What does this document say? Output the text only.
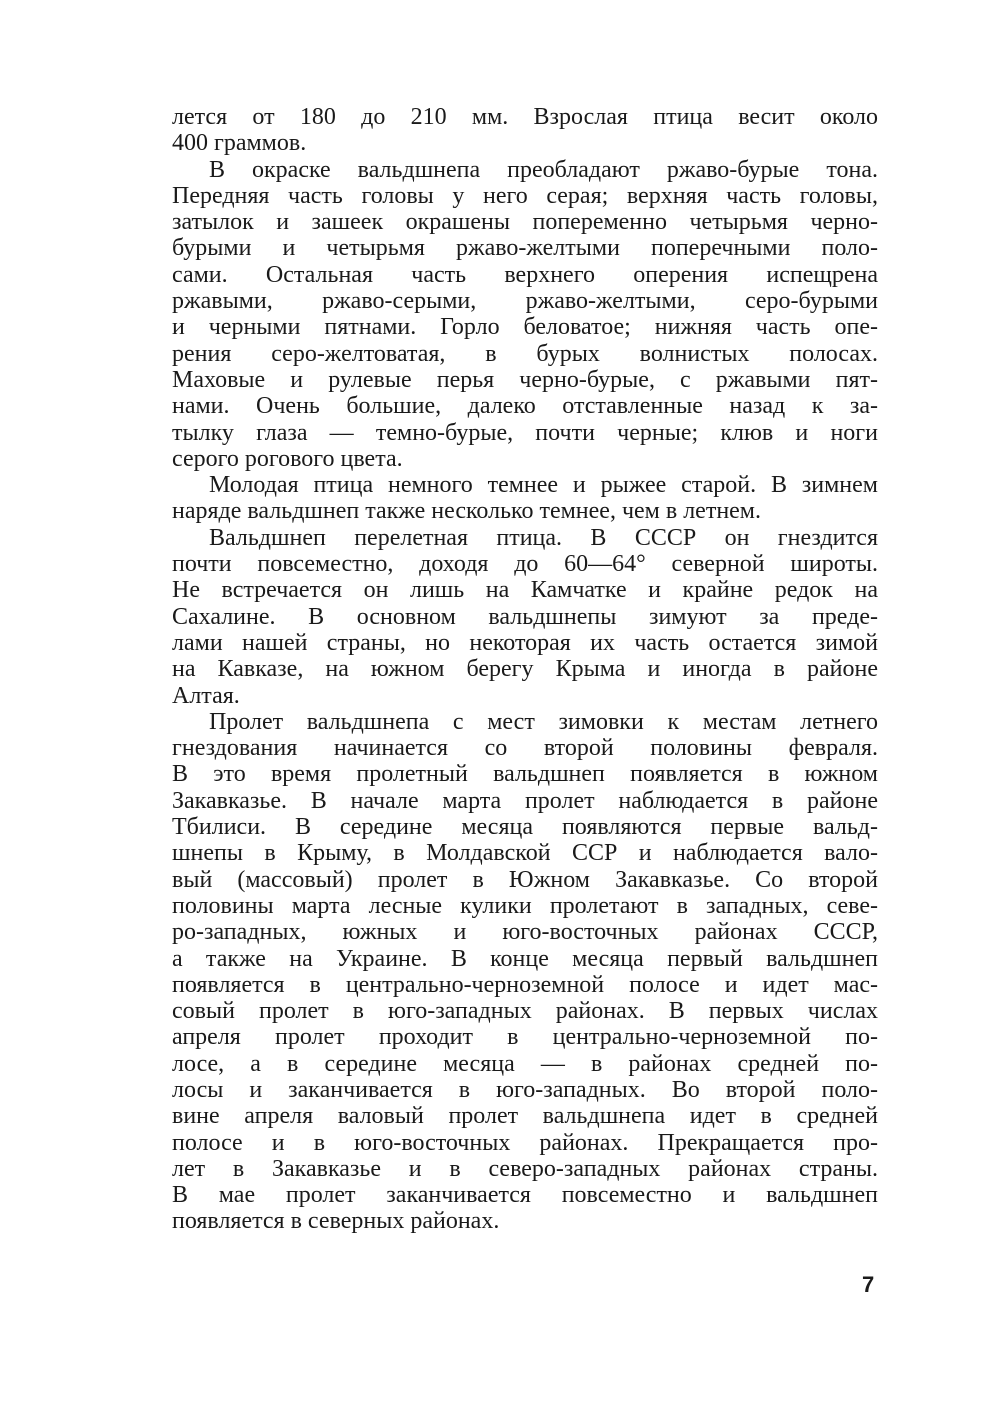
лется от 180 до 210 мм. Взрослая птица весит около
400 граммов.
В окраске вальдшнепа преобладают ржаво-бурые тона.
Передняя часть головы у него серая; верхняя часть головы,
затылок и зашеек окрашены попеременно четырьмя черно-
бурыми и четырьмя ржаво-желтыми поперечными поло-
сами. Остальная часть верхнего оперения испещрена
ржавыми, ржаво-серыми, ржаво-желтыми, серо-бурыми
и черными пятнами. Горло беловатое; нижняя часть опе-
рения серо-желтоватая, в бурых волнистых полосах.
Маховые и рулевые перья черно-бурые, с ржавыми пят-
нами. Очень большие, далеко отставленные назад к за-
тылку глаза — темно-бурые, почти черные; клюв и ноги
серого рогового цвета.
Молодая птица немного темнее и рыжее старой. В зимнем
наряде вальдшнеп также несколько темнее, чем в летнем.
Вальдшнеп перелетная птица. В СССР он гнездится
почти повсеместно, доходя до 60—64° северной широты.
Не встречается он лишь на Камчатке и крайне редок на
Сахалине. В основном вальдшнепы зимуют за преде-
лами нашей страны, но некоторая их часть остается зимой
на Кавказе, на южном берегу Крыма и иногда в районе
Алтая.
Пролет вальдшнепа с мест зимовки к местам летнего
гнездования начинается со второй половины февраля.
В это время пролетный вальдшнеп появляется в южном
Закавказье. В начале марта пролет наблюдается в районе
Тбилиси. В середине месяца появляются первые вальд-
шнепы в Крыму, в Молдавской ССР и наблюдается вало-
вый (массовый) пролет в Южном Закавказье. Со второй
половины марта лесные кулики пролетают в западных, севе-
ро-западных, южных и юго-восточных районах СССР,
а также на Украине. В конце месяца первый вальдшнеп
появляется в центрально-черноземной полосе и идет мас-
совый пролет в юго-западных районах. В первых числах
апреля пролет проходит в центрально-черноземной по-
лосе, а в середине месяца — в районах средней по-
лосы и заканчивается в юго-западных. Во второй поло-
вине апреля валовый пролет вальдшнепа идет в средней
полосе и в юго-восточных районах. Прекращается про-
лет в Закавказье и в северо-западных районах страны.
В мае пролет заканчивается повсеместно и вальдшнеп
появляется в северных районах.
7
